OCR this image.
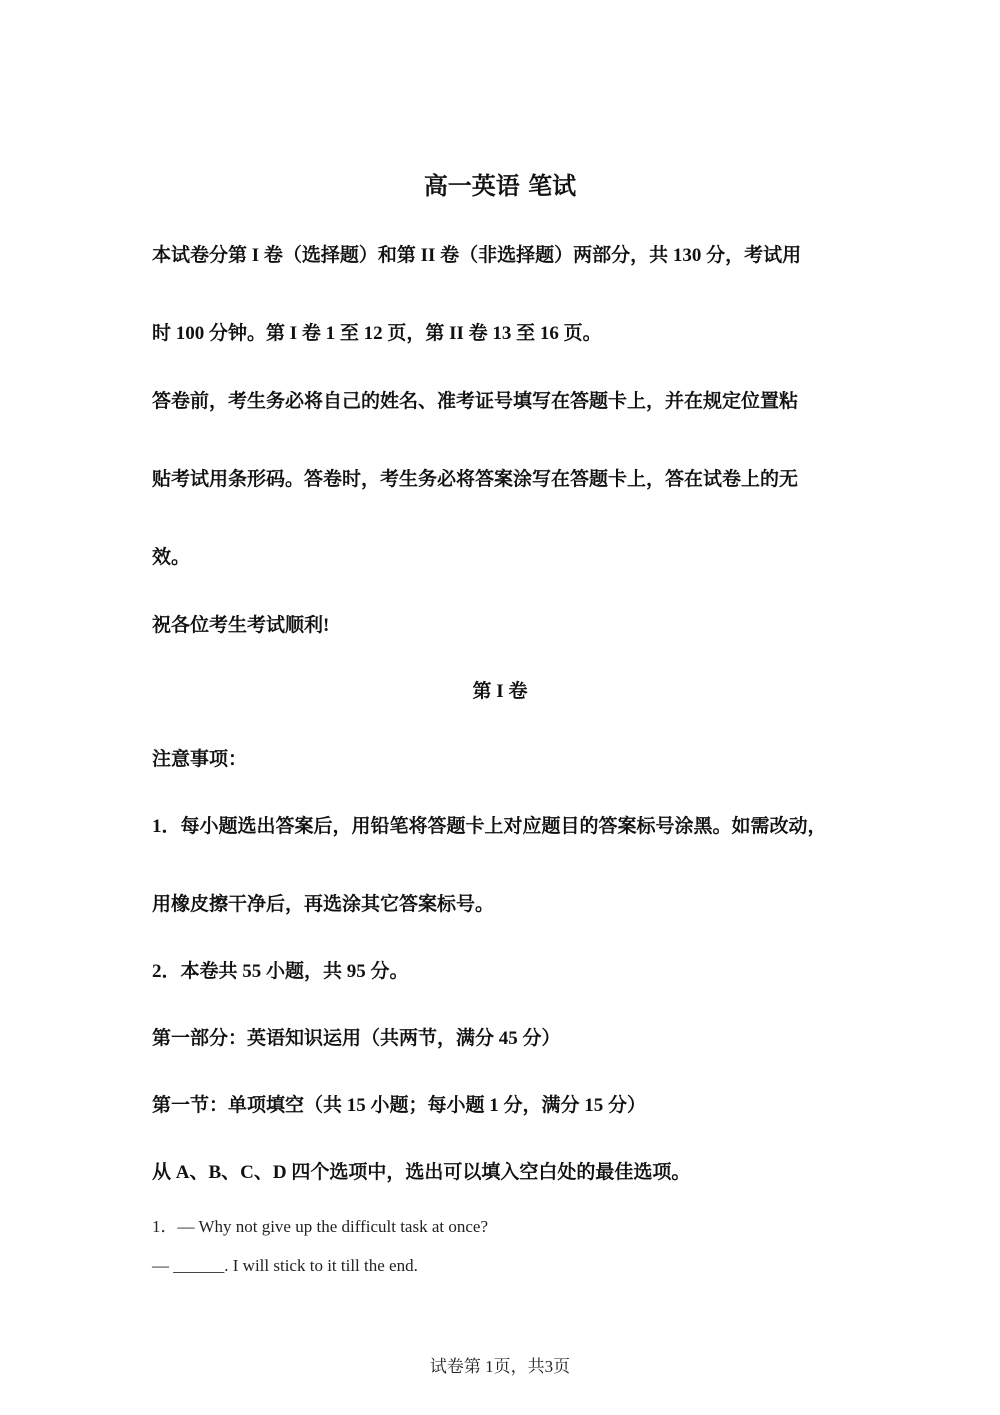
高一英语 笔试
本试卷分第 I 卷（选择题）和第 II 卷（非选择题）两部分，共 130 分，考试用
时 100 分钟。第 I 卷 1 至 12 页，第 II 卷 13 至 16 页。
答卷前，考生务必将自己的姓名、准考证号填写在答题卡上，并在规定位置粘
贴考试用条形码。答卷时，考生务必将答案涂写在答题卡上，答在试卷上的无
效。
祝各位考生考试顺利!
第 I 卷
注意事项：
1．每小题选出答案后，用铅笔将答题卡上对应题目的答案标号涂黑。如需改动，
用橡皮擦干净后，再选涂其它答案标号。
2．本卷共 55 小题，共 95 分。
第一部分：英语知识运用（共两节，满分 45 分）
第一节：单项填空（共 15 小题；每小题 1 分，满分 15 分）
从 A、B、C、D 四个选项中，选出可以填入空白处的最佳选项。
1．— Why not give up the difficult task at once?
— ______. I will stick to it till the end.
试卷第 1页，共3页
